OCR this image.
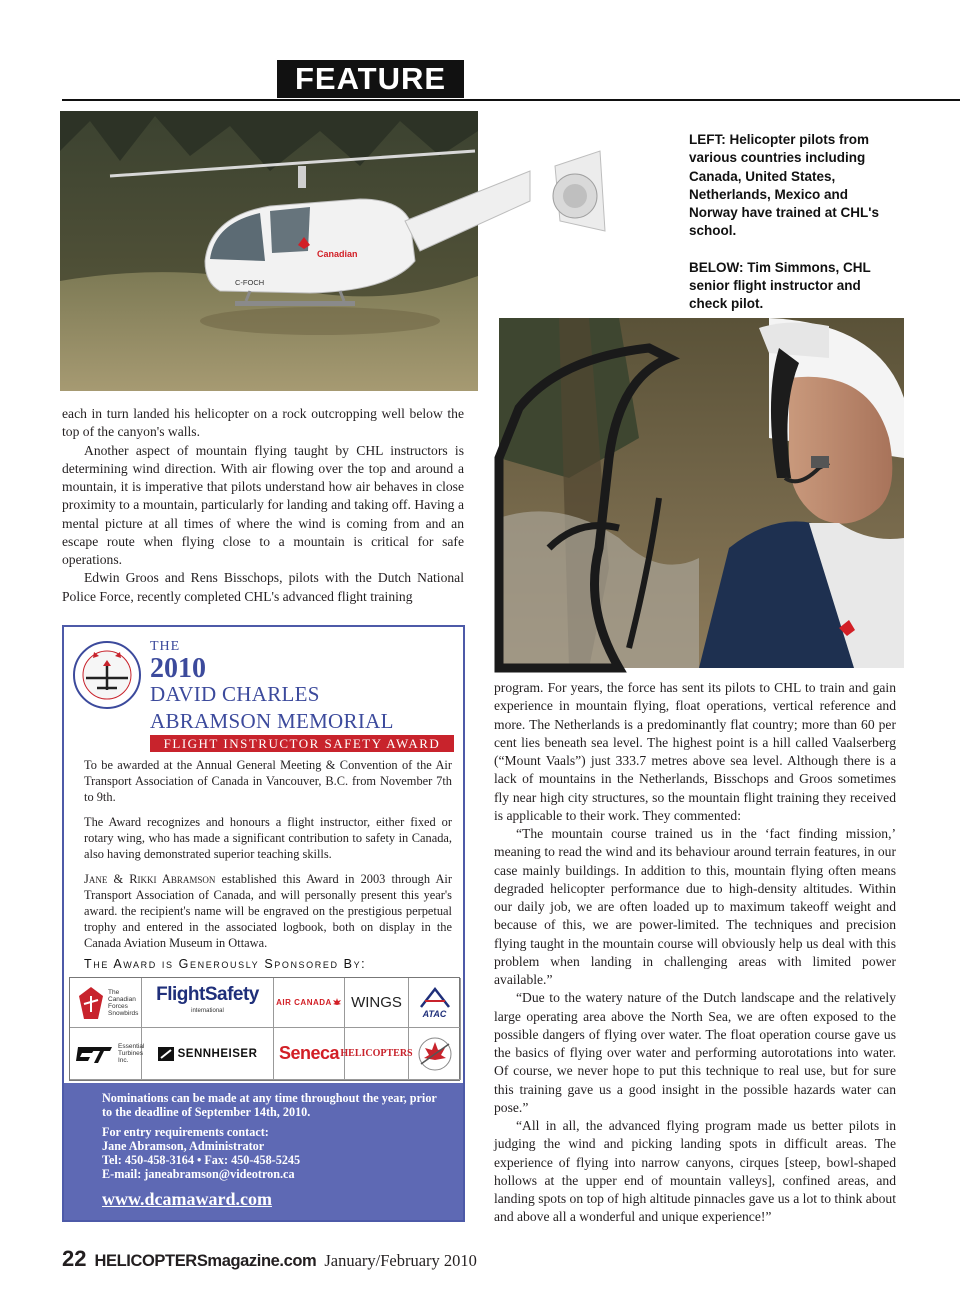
FEATURE
Canadian
C-FOCH

LEFT: Helicopter pilots from various countries including Canada, United States, Netherlands, Mexico and Norway have trained at CHL's school.

BELOW: Tim Simmons, CHL senior flight instructor and check pilot.

each in turn landed his helicopter on a rock outcropping well below the top of the canyon's walls.

Another aspect of mountain flying taught by CHL instructors is determining wind direction. With air flowing over the top and around a mountain, it is imperative that pilots understand how air behaves in close proximity to a mountain, particularly for landing and taking off. Having a mental picture at all times of where the wind is coming from and an escape route when flying close to a mountain is critical for safe operations.

Edwin Groos and Rens Bisschops, pilots with the Dutch National Police Force, recently completed CHL's advanced flight training

program. For years, the force has sent its pilots to CHL to train and gain experience in mountain flying, float operations, vertical reference and more. The Netherlands is a predominantly flat country; more than 60 per cent lies beneath sea level. The highest point is a hill called Vaalserberg (“Mount Vaals”) just 333.7 metres above sea level. Although there is a lack of mountains in the Netherlands, Bisschops and Groos sometimes fly near high city structures, so the mountain flight training they received is applicable to their work. They commented:

“The mountain course trained us in the ‘fact finding mission,’ meaning to read the wind and its behaviour around terrain features, in our case mainly buildings. In addition to this, mountain flying often means degraded helicopter performance due to high-density altitudes. Within our daily job, we are often loaded up to maximum takeoff weight and because of this, we are power-limited. The techniques and precision flying taught in the mountain course will obviously help us deal with this problem when landing in challenging areas with limited power available.”

“Due to the watery nature of the Dutch landscape and the relatively large operating area above the North Sea, we are often exposed to the possible dangers of flying over water. The float operation course gave us the basics of flying over water and performing autorotations into water. Of course, we never hope to put this technique to real use, but for sure this training gave us a good insight in the possible hazards water can pose.”

“All in all, the advanced flying program made us better pilots in judging the wind and picking landing spots in difficult areas. The experience of flying into narrow canyons, cirques [steep, bowl-shaped hollows at the upper end of mountain valleys], confined areas, and landing spots on top of high altitude pinnacles gave us a lot to think about and above all a wonderful and unique experience!”

THE
2010
DAVID CHARLES
ABRAMSON MEMORIAL
FLIGHT INSTRUCTOR SAFETY AWARD

To be awarded at the Annual General Meeting & Convention of the Air Transport Association of Canada in Vancouver, B.C. from November 7th to 9th.

The Award recognizes and honours a flight instructor, either fixed or rotary wing, who has made a significant contribution to safety in Canada, also having demonstrated superior teaching skills.

Jane & Rikki Abramson established this Award in 2003 through Air Transport Association of Canada, and will personally present this year's award. the recipient's name will be engraved on the prestigious perpetual trophy and entered in the associated logbook, both on display in the Canada Aviation Museum in Ottawa.

The Award is Generously Sponsored By:
The Canadian Forces Snowbirds
FlightSafety
international
AIR CANADA WINGS
ATAC
Essential Turbines Inc.
SENNHEISER Seneca HELICOPTERS
Nominations can be made at any time throughout the year, prior to the deadline of September 14th, 2010.
For entry requirements contact:
Jane Abramson, Administrator
Tel: 450-458-3164 • Fax: 450-458-5245
E-mail: janeabramson@videotron.ca
www.dcamaward.com
22 HELICOPTERSmagazine.com January/February 2010
